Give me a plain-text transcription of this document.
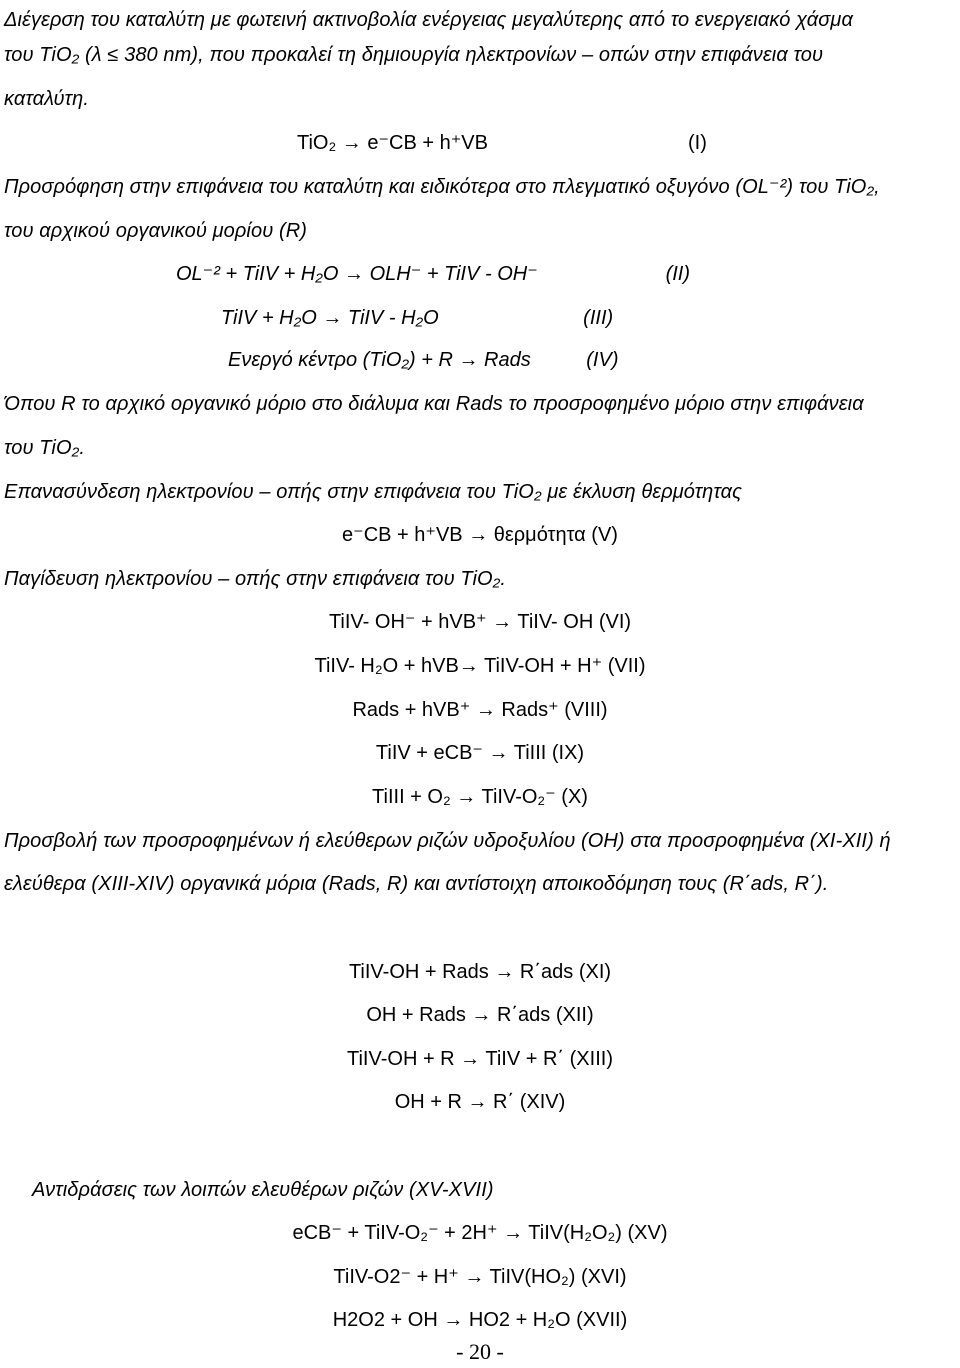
Διέγερση του καταλύτη με φωτεινή ακτινοβολία ενέργειας μεγαλύτερης από το ενεργειακό χάσμα
του TiO₂ (λ ≤ 380 nm), που προκαλεί τη δημιουργία ηλεκτρονίων – οπών στην επιφάνεια του
καταλύτη.
TiO₂ → e⁻CB + h⁺VB                                    (I)
Προσρόφηση στην επιφάνεια του καταλύτη και ειδικότερα στο πλεγματικό οξυγόνο (OL⁻²) του TiO₂,
του αρχικού οργανικού μορίου (R)
OL⁻² + TiIV + H₂O → OLH⁻ + TiIV - OH⁻                       (II)
TiIV + H₂O → TiIV - H₂O                          (III)
Ενεργό κέντρο (TiO₂) + R → Rads          (IV)
Όπου R το αρχικό οργανικό μόριο στο διάλυμα και Rads το προσροφημένο μόριο στην επιφάνεια
του TiO₂.
Επανασύνδεση ηλεκτρονίου – οπής στην επιφάνεια του TiO₂ με έκλυση θερμότητας
e⁻CB + h⁺VB → θερμότητα (V)
Παγίδευση ηλεκτρονίου – οπής στην επιφάνεια του TiO₂.
TiIV- OH⁻ + hVB⁺ → TiIV- OH (VI)
TiIV- H₂O + hVB→ TiIV-OH + H⁺ (VII)
Rads + hVB⁺ → Rads⁺ (VIII)
TiIV + eCB⁻ → TiIII (IX)
TiIII + O₂ → TiIV-O₂⁻ (X)
Προσβολή των προσροφημένων ή ελεύθερων ριζών υδροξυλίου (OH) στα προσροφημένα (XI-XII) ή
ελεύθερα (XIII-XIV) οργανικά μόρια (Rads, R) και αντίστοιχη αποικοδόμηση τους (R΄ads, R΄).
TiIV-OH + Rads → R΄ads (XI)
OH + Rads → R΄ads (XII)
TiIV-OH + R → TiIV + R΄ (XIII)
OH + R → R΄ (XIV)
Αντιδράσεις των λοιπών ελευθέρων ριζών (XV-XVII)
eCB⁻ + TiIV-O₂⁻ + 2H⁺ → TiIV(H₂O₂) (XV)
TiIV-O2⁻ + H⁺ → TiIV(HO₂) (XVI)
H2O2 + OH → HO2 + H₂O (XVII)
- 20 -
